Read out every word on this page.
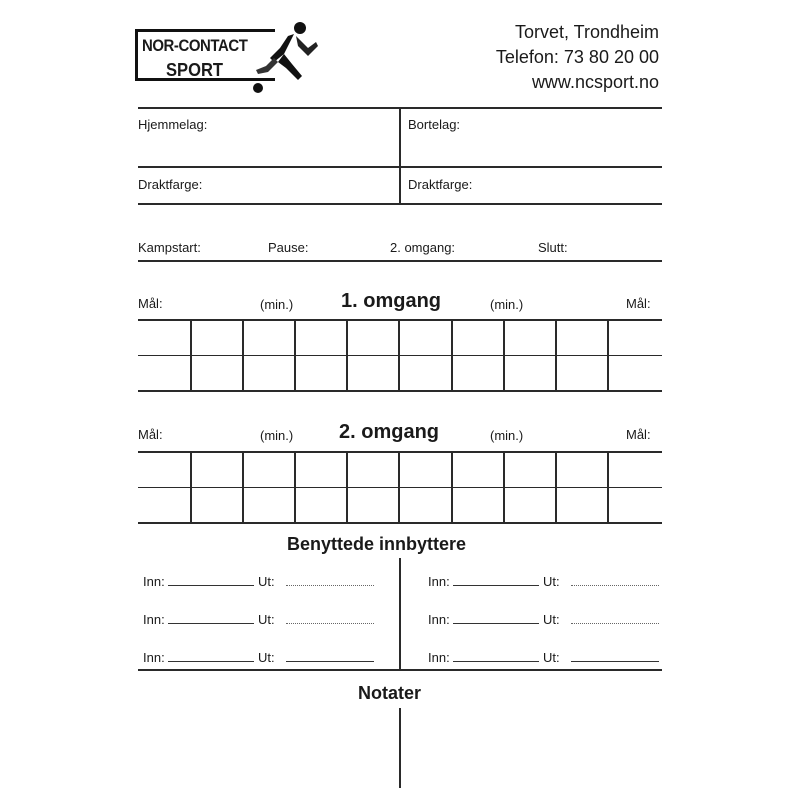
NOR-CONTACT
SPORT
Torvet, Trondheim
Telefon: 73 80 20 00
www.ncsport.no
Hjemmelag:	Bortelag:
Draktfarge:	Draktfarge:
Kampstart:	Pause:	2. omgang:	Slutt:
Mål:	(min.) 1. omgang	(min.)	Mål:
Mål:	(min.) 2. omgang	(min.)	Mål:
Benyttede innbyttere
Inn:	Ut:
Inn:	Ut:
Inn:	Ut:
Inn:	Ut:
Inn:	Ut:
Inn:	Ut:
Notater
